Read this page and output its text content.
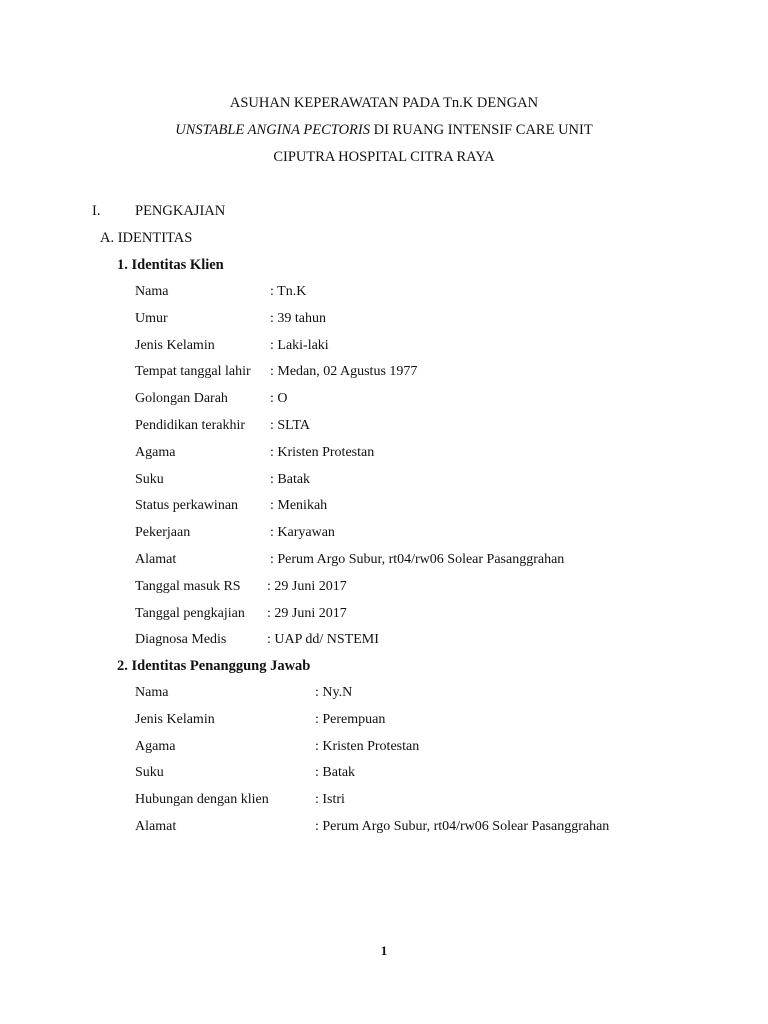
ASUHAN KEPERAWATAN PADA Tn.K DENGAN
UNSTABLE ANGINA PECTORIS DI RUANG INTENSIF CARE UNIT
CIPUTRA HOSPITAL CITRA RAYA
I. PENGKAJIAN
A. IDENTITAS
1. Identitas Klien
Nama	: Tn.K
Umur	: 39 tahun
Jenis Kelamin	: Laki-laki
Tempat tanggal lahir : Medan, 02 Agustus 1977
Golongan Darah	: O
Pendidikan terakhir : SLTA
Agama	: Kristen Protestan
Suku	: Batak
Status perkawinan : Menikah
Pekerjaan	: Karyawan
Alamat	: Perum Argo Subur, rt04/rw06 Solear Pasanggrahan
Tanggal masuk RS : 29 Juni 2017
Tanggal pengkajian : 29 Juni 2017
Diagnosa Medis	: UAP dd/ NSTEMI
2. Identitas Penanggung Jawab
Nama	: Ny.N
Jenis Kelamin	: Perempuan
Agama	: Kristen Protestan
Suku	: Batak
Hubungan dengan klien	: Istri
Alamat	: Perum Argo Subur, rt04/rw06 Solear Pasanggrahan
1
